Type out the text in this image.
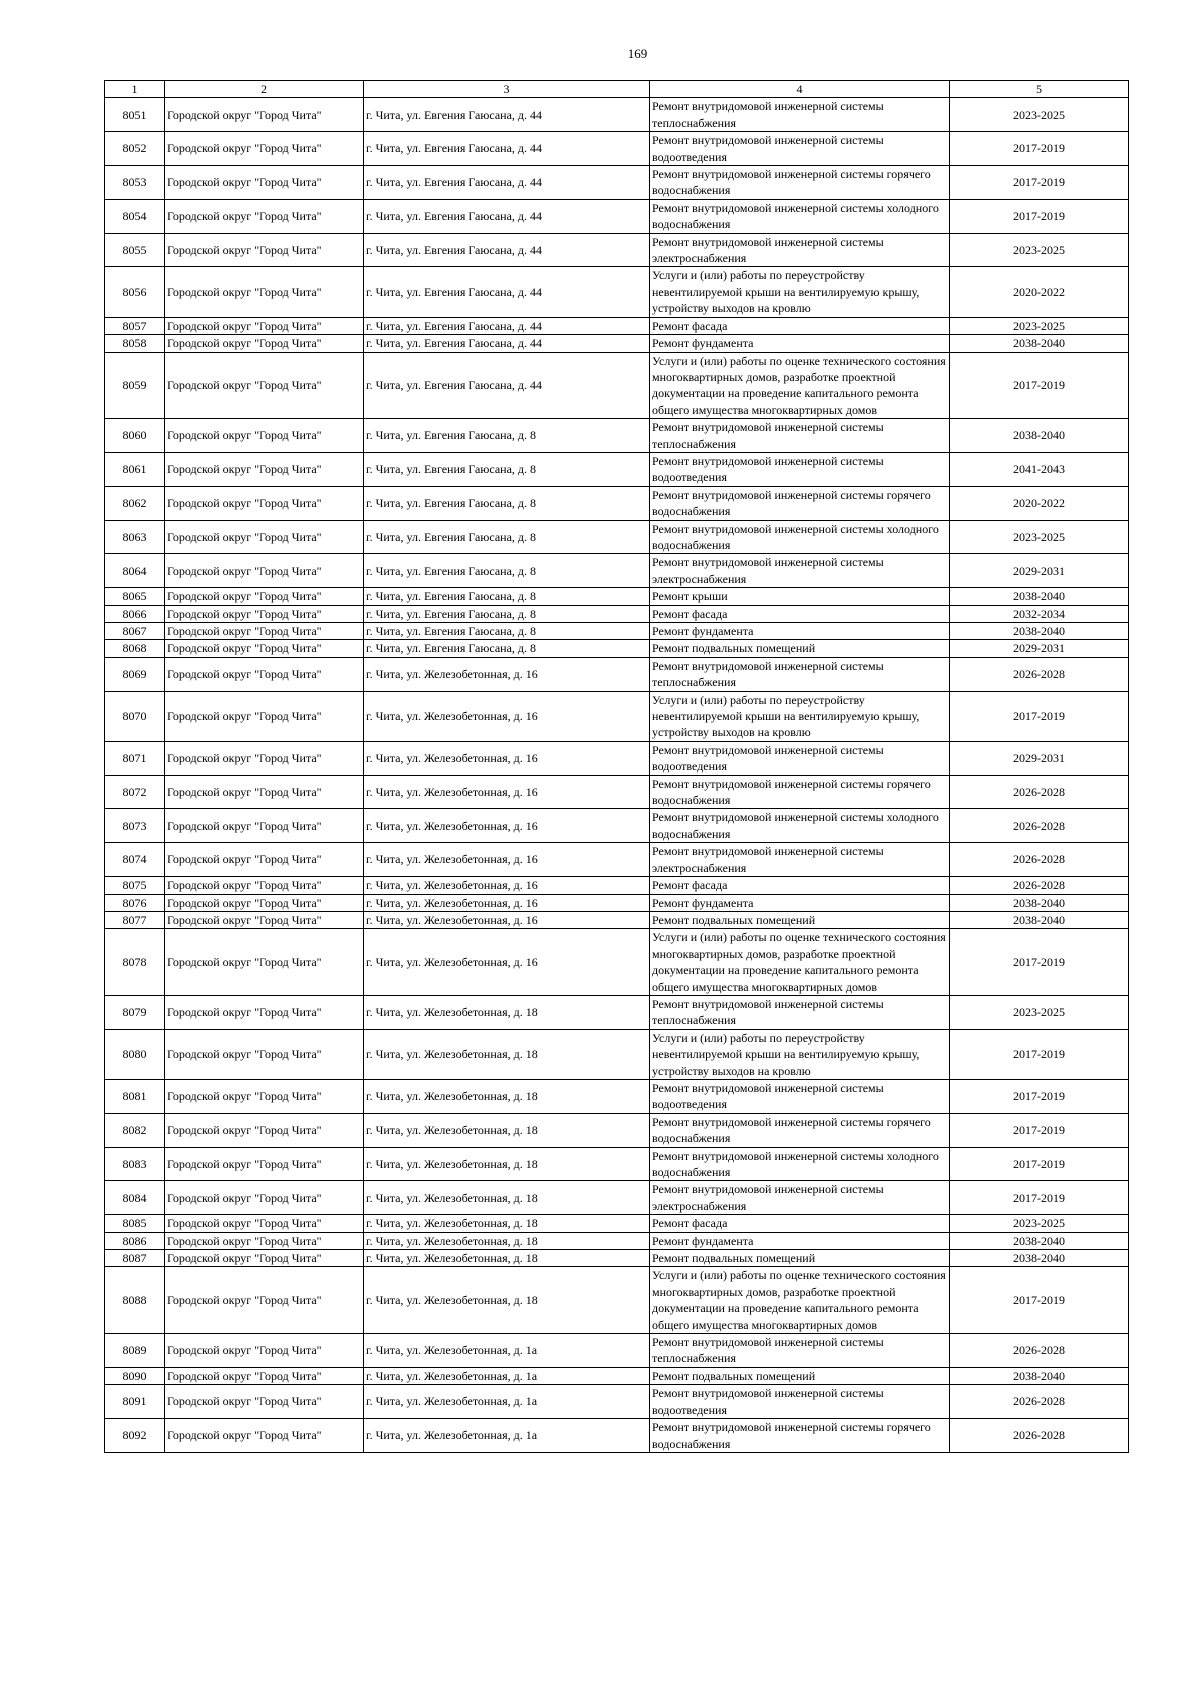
169
1	2	3	4	5
8051	Городской округ "Город Чита"	г. Чита, ул. Евгения Гаюсана, д. 44	Ремонт внутридомовой инженерной системы теплоснабжения	2023-2025
8052	Городской округ "Город Чита"	г. Чита, ул. Евгения Гаюсана, д. 44	Ремонт внутридомовой инженерной системы водоотведения	2017-2019
8053	Городской округ "Город Чита"	г. Чита, ул. Евгения Гаюсана, д. 44	Ремонт внутридомовой инженерной системы горячего водоснабжения	2017-2019
8054	Городской округ "Город Чита"	г. Чита, ул. Евгения Гаюсана, д. 44	Ремонт внутридомовой инженерной системы холодного водоснабжения	2017-2019
8055	Городской округ "Город Чита"	г. Чита, ул. Евгения Гаюсана, д. 44	Ремонт внутридомовой инженерной системы электроснабжения	2023-2025
8056	Городской округ "Город Чита"	г. Чита, ул. Евгения Гаюсана, д. 44	Услуги и (или) работы по переустройству невентилируемой крыши на вентилируемую крышу, устройству выходов на кровлю	2020-2022
8057	Городской округ "Город Чита"	г. Чита, ул. Евгения Гаюсана, д. 44	Ремонт фасада	2023-2025
8058	Городской округ "Город Чита"	г. Чита, ул. Евгения Гаюсана, д. 44	Ремонт фундамента	2038-2040
8059	Городской округ "Город Чита"	г. Чита, ул. Евгения Гаюсана, д. 44	Услуги и (или) работы по оценке технического состояния многоквартирных домов, разработке проектной документации на проведение капитального ремонта общего имущества многоквартирных домов	2017-2019
8060	Городской округ "Город Чита"	г. Чита, ул. Евгения Гаюсана, д. 8	Ремонт внутридомовой инженерной системы теплоснабжения	2038-2040
8061	Городской округ "Город Чита"	г. Чита, ул. Евгения Гаюсана, д. 8	Ремонт внутридомовой инженерной системы водоотведения	2041-2043
8062	Городской округ "Город Чита"	г. Чита, ул. Евгения Гаюсана, д. 8	Ремонт внутридомовой инженерной системы горячего водоснабжения	2020-2022
8063	Городской округ "Город Чита"	г. Чита, ул. Евгения Гаюсана, д. 8	Ремонт внутридомовой инженерной системы холодного водоснабжения	2023-2025
8064	Городской округ "Город Чита"	г. Чита, ул. Евгения Гаюсана, д. 8	Ремонт внутридомовой инженерной системы электроснабжения	2029-2031
8065	Городской округ "Город Чита"	г. Чита, ул. Евгения Гаюсана, д. 8	Ремонт крыши	2038-2040
8066	Городской округ "Город Чита"	г. Чита, ул. Евгения Гаюсана, д. 8	Ремонт фасада	2032-2034
8067	Городской округ "Город Чита"	г. Чита, ул. Евгения Гаюсана, д. 8	Ремонт фундамента	2038-2040
8068	Городской округ "Город Чита"	г. Чита, ул. Евгения Гаюсана, д. 8	Ремонт подвальных помещений	2029-2031
8069	Городской округ "Город Чита"	г. Чита, ул. Железобетонная, д. 16	Ремонт внутридомовой инженерной системы теплоснабжения	2026-2028
8070	Городской округ "Город Чита"	г. Чита, ул. Железобетонная, д. 16	Услуги и (или) работы по переустройству невентилируемой крыши на вентилируемую крышу, устройству выходов на кровлю	2017-2019
8071	Городской округ "Город Чита"	г. Чита, ул. Железобетонная, д. 16	Ремонт внутридомовой инженерной системы водоотведения	2029-2031
8072	Городской округ "Город Чита"	г. Чита, ул. Железобетонная, д. 16	Ремонт внутридомовой инженерной системы горячего водоснабжения	2026-2028
8073	Городской округ "Город Чита"	г. Чита, ул. Железобетонная, д. 16	Ремонт внутридомовой инженерной системы холодного водоснабжения	2026-2028
8074	Городской округ "Город Чита"	г. Чита, ул. Железобетонная, д. 16	Ремонт внутридомовой инженерной системы электроснабжения	2026-2028
8075	Городской округ "Город Чита"	г. Чита, ул. Железобетонная, д. 16	Ремонт фасада	2026-2028
8076	Городской округ "Город Чита"	г. Чита, ул. Железобетонная, д. 16	Ремонт фундамента	2038-2040
8077	Городской округ "Город Чита"	г. Чита, ул. Железобетонная, д. 16	Ремонт подвальных помещений	2038-2040
8078	Городской округ "Город Чита"	г. Чита, ул. Железобетонная, д. 16	Услуги и (или) работы по оценке технического состояния многоквартирных домов, разработке проектной документации на проведение капитального ремонта общего имущества многоквартирных домов	2017-2019
8079	Городской округ "Город Чита"	г. Чита, ул. Железобетонная, д. 18	Ремонт внутридомовой инженерной системы теплоснабжения	2023-2025
8080	Городской округ "Город Чита"	г. Чита, ул. Железобетонная, д. 18	Услуги и (или) работы по переустройству невентилируемой крыши на вентилируемую крышу, устройству выходов на кровлю	2017-2019
8081	Городской округ "Город Чита"	г. Чита, ул. Железобетонная, д. 18	Ремонт внутридомовой инженерной системы водоотведения	2017-2019
8082	Городской округ "Город Чита"	г. Чита, ул. Железобетонная, д. 18	Ремонт внутридомовой инженерной системы горячего водоснабжения	2017-2019
8083	Городской округ "Город Чита"	г. Чита, ул. Железобетонная, д. 18	Ремонт внутридомовой инженерной системы холодного водоснабжения	2017-2019
8084	Городской округ "Город Чита"	г. Чита, ул. Железобетонная, д. 18	Ремонт внутридомовой инженерной системы электроснабжения	2017-2019
8085	Городской округ "Город Чита"	г. Чита, ул. Железобетонная, д. 18	Ремонт фасада	2023-2025
8086	Городской округ "Город Чита"	г. Чита, ул. Железобетонная, д. 18	Ремонт фундамента	2038-2040
8087	Городской округ "Город Чита"	г. Чита, ул. Железобетонная, д. 18	Ремонт подвальных помещений	2038-2040
8088	Городской округ "Город Чита"	г. Чита, ул. Железобетонная, д. 18	Услуги и (или) работы по оценке технического состояния многоквартирных домов, разработке проектной документации на проведение капитального ремонта общего имущества многоквартирных домов	2017-2019
8089	Городской округ "Город Чита"	г. Чита, ул. Железобетонная, д. 1а	Ремонт внутридомовой инженерной системы теплоснабжения	2026-2028
8090	Городской округ "Город Чита"	г. Чита, ул. Железобетонная, д. 1а	Ремонт подвальных помещений	2038-2040
8091	Городской округ "Город Чита"	г. Чита, ул. Железобетонная, д. 1а	Ремонт внутридомовой инженерной системы водоотведения	2026-2028
8092	Городской округ "Город Чита"	г. Чита, ул. Железобетонная, д. 1а	Ремонт внутридомовой инженерной системы горячего водоснабжения	2026-2028
